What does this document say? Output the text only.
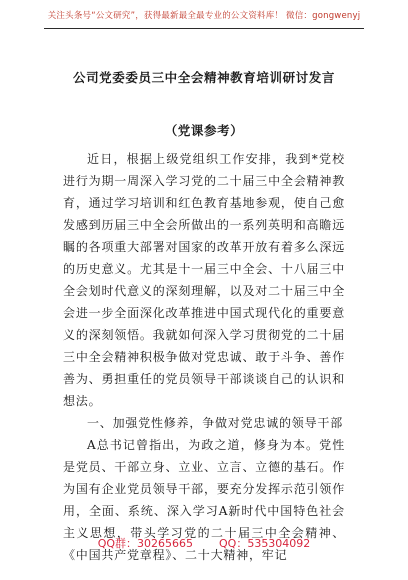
关注头条号“公文研究”，获得最新最全最专业的公文资料库！ 微信：gongwenyj
公司党委委员三中全会精神教育培训研讨发言
（党课参考）

近日，根据上级党组织工作安排，我到*党校进行为期一周深入学习党的二十届三中全会精神教育，通过学习培训和红色教育基地参观，使自己愈发感到历届三中全会所做出的一系列英明和高瞻远瞩的各项重大部署对国家的改革开放有着多么深远的历史意义。尤其是十一届三中全会、十八届三中全会划时代意义的深刻理解，以及对二十届三中全会进一步全面深化改革推进中国式现代化的重要意义的深刻领悟。我就如何深入学习贯彻党的二十届三中全会精神积极争做对党忠诚、敢于斗争、善作善为、勇担重任的党员领导干部谈谈自己的认识和想法。

一、加强党性修养，争做对党忠诚的领导干部

A总书记曾指出，为政之道，修身为本。党性是党员、干部立身、立业、立言、立德的基石。作为国有企业党员领导干部，要充分发挥示范引领作用，全面、系统、深入学习A新时代中国特色社会主义思想，带头学习党的二十届三中全会精神、《中国共产党章程》、二十大精神，牢记

QQ群：30265665 QQ：535304092
